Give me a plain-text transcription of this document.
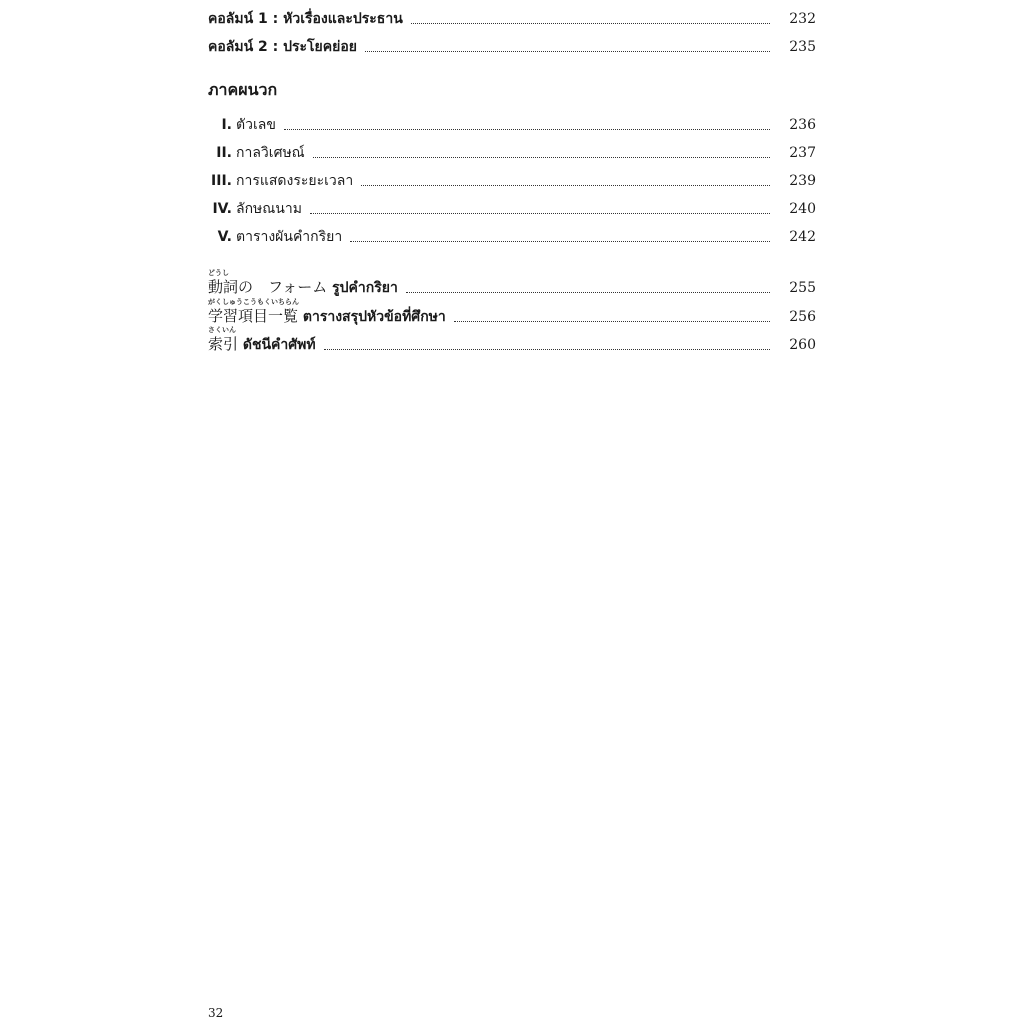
คอลัมน์ 1 : หัวเรื่องและประธาน	232
คอลัมน์ 2 : ประโยคย่อย	235
ภาคผนวก
I. ตัวเลข	236
II. กาลวิเศษณ์	237
III. การแสดงระยะเวลา	239
IV. ลักษณนาม	240
V. ตารางผันคำกริยา	242
どうし
動詞の　フォーム รูปคำกริยา	255
がくしゅうこうもくいちらん
学習項目一覧 ตารางสรุปหัวข้อที่ศึกษา	256
さくいん
索引 ดัชนีคำศัพท์	260
32
